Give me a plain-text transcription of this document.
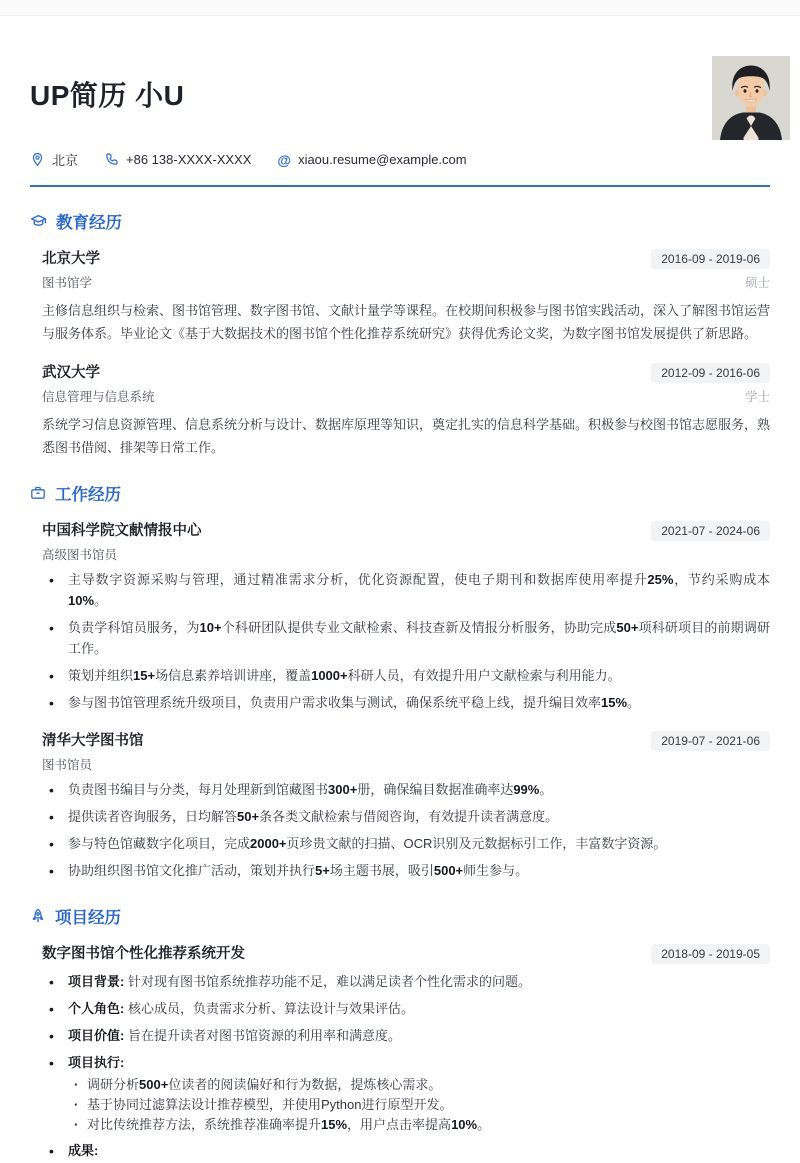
UP简历 小U
北京	+86 138-XXXX-XXXX @ xiaou.resume@example.com
教育经历
北京大学	2016-09 - 2019-06
图书馆学	硕士

主修信息组织与检索、图书馆管理、数字图书馆、文献计量学等课程。在校期间积极参与图书馆实践活动，深入了解图书馆运营与服务体系。毕业论文《基于大数据技术的图书馆个性化推荐系统研究》获得优秀论文奖，为数字图书馆发展提供了新思路。

武汉大学	2012-09 - 2016-06
信息管理与信息系统	学士

系统学习信息资源管理、信息系统分析与设计、数据库原理等知识，奠定扎实的信息科学基础。积极参与校图书馆志愿服务，熟悉图书借阅、排架等日常工作。

工作经历
中国科学院文献情报中心	2021-07 - 2024-06
高级图书馆员
• 主导数字资源采购与管理，通过精准需求分析，优化资源配置，使电子期刊和数据库使用率提升25%，节约采购成本10%。
• 负责学科馆员服务，为10+个科研团队提供专业文献检索、科技查新及情报分析服务，协助完成50+项科研项目的前期调研工作。
• 策划并组织15+场信息素养培训讲座，覆盖1000+科研人员，有效提升用户文献检索与利用能力。
• 参与图书馆管理系统升级项目，负责用户需求收集与测试，确保系统平稳上线，提升编目效率15%。
清华大学图书馆	2019-07 - 2021-06
图书馆员
• 负责图书编目与分类，每月处理新到馆藏图书300+册，确保编目数据准确率达99%。
• 提供读者咨询服务，日均解答50+条各类文献检索与借阅咨询，有效提升读者满意度。
• 参与特色馆藏数字化项目，完成2000+页珍贵文献的扫描、OCR识别及元数据标引工作，丰富数字资源。
• 协助组织图书馆文化推广活动，策划并执行5+场主题书展，吸引500+师生参与。
项目经历
数字图书馆个性化推荐系统开发	2018-09 - 2019-05
• 项目背景: 针对现有图书馆系统推荐功能不足，难以满足读者个性化需求的问题。
• 个人角色: 核心成员，负责需求分析、算法设计与效果评估。
• 项目价值: 旨在提升读者对图书馆资源的利用率和满意度。
• 项目执行:
· 调研分析500+位读者的阅读偏好和行为数据，提炼核心需求。
· 基于协同过滤算法设计推荐模型，并使用Python进行原型开发。
· 对比传统推荐方法，系统推荐准确率提升15%，用户点击率提高10%。
• 成果:
